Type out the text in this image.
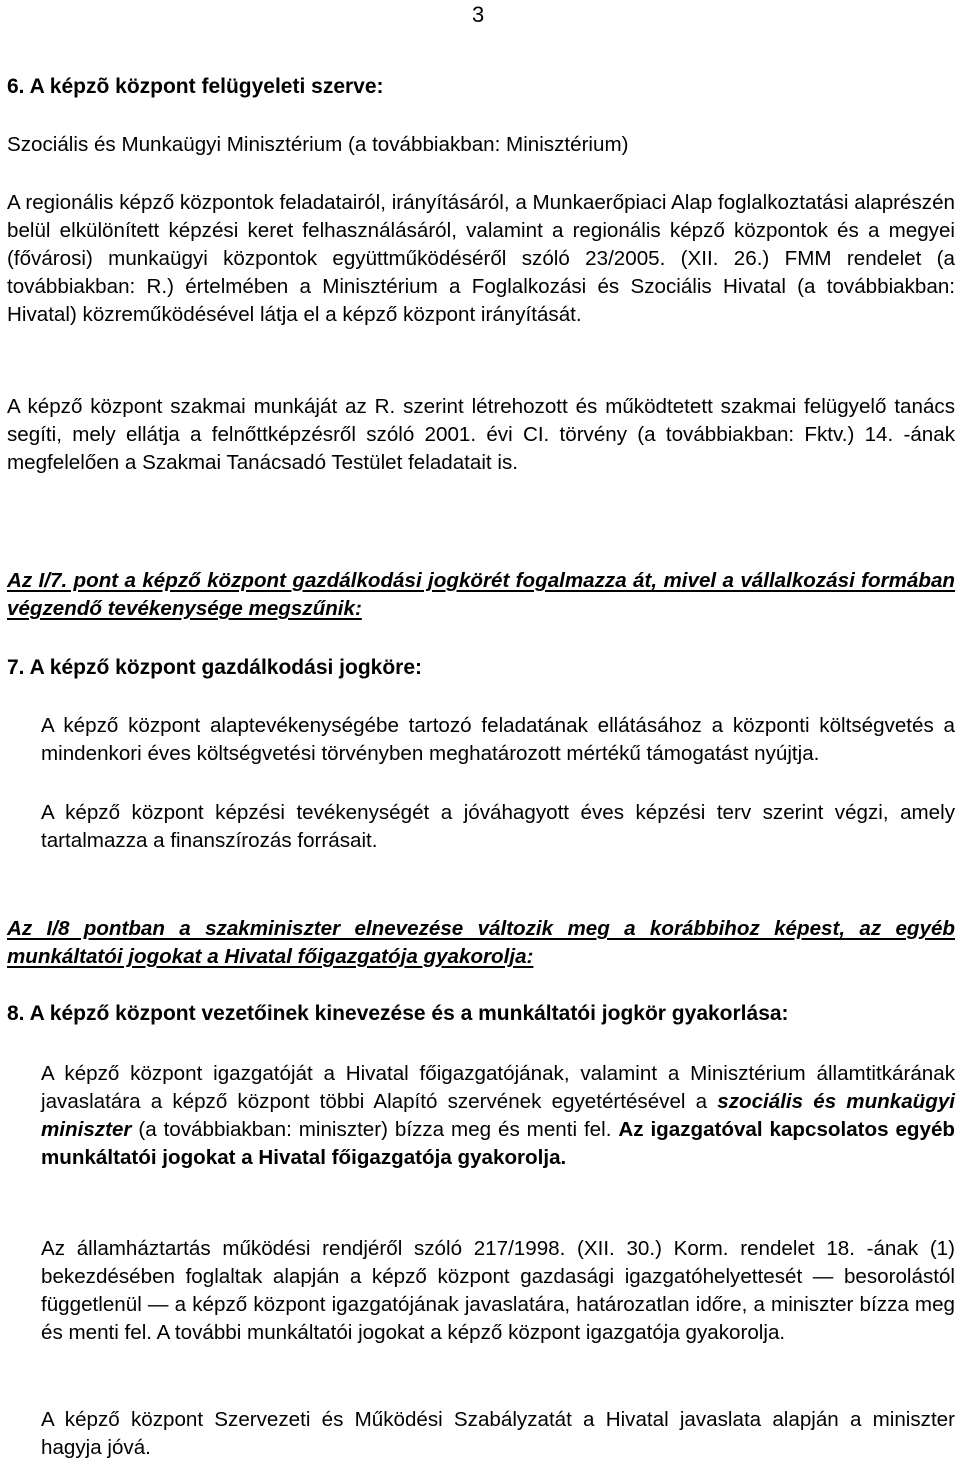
3
6. A képzõ központ felügyeleti szerve:

Szociális és Munkaügyi Minisztérium (a továbbiakban: Minisztérium)

A regionális képző központok feladatairól, irányításáról, a Munkaerőpiaci Alap foglalkoztatási alaprészén belül elkülönített képzési keret felhasználásáról, valamint a regionális képző központok és a megyei (fővárosi) munkaügyi központok együttműködéséről szóló 23/2005. (XII. 26.) FMM rendelet (a továbbiakban: R.) értelmében a Minisztérium a Foglalkozási és Szociális Hivatal (a továbbiakban: Hivatal) közreműködésével látja el a képző központ irányítását.

A képző központ szakmai munkáját az R. szerint létrehozott és működtetett szakmai felügyelő tanács segíti, mely ellátja a felnőttképzésről szóló 2001. évi CI. törvény (a továbbiakban: Fktv.) 14. -ának megfelelően a Szakmai Tanácsadó Testület feladatait is.

Az I/7. pont a képző központ gazdálkodási jogkörét fogalmazza át, mivel a vállalkozási formában végzendő tevékenysége megszűnik:

7. A képző központ gazdálkodási jogköre:

A képző központ alaptevékenységébe tartozó feladatának ellátásához a központi költségvetés a mindenkori éves költségvetési törvényben meghatározott mértékű támogatást nyújtja.

A képző központ képzési tevékenységét a jóváhagyott éves képzési terv szerint végzi, amely tartalmazza a finanszírozás forrásait.

Az I/8 pontban a szakminiszter elnevezése változik meg a korábbihoz képest, az egyéb munkáltatói jogokat a Hivatal főigazgatója gyakorolja:

8. A képző központ vezetőinek kinevezése és a munkáltatói jogkör gyakorlása:

A képző központ igazgatóját a Hivatal főigazgatójának, valamint a Minisztérium államtitkárának javaslatára a képző központ többi Alapító szervének egyetértésével a szociális és munkaügyi miniszter (a továbbiakban: miniszter) bízza meg és menti fel. Az igazgatóval kapcsolatos egyéb munkáltatói jogokat a Hivatal főigazgatója gyakorolja.

Az államháztartás működési rendjéről szóló 217/1998. (XII. 30.) Korm. rendelet 18. -ának (1) bekezdésében foglaltak alapján a képző központ gazdasági igazgatóhelyettesét — besorolástól függetlenül — a képző központ igazgatójának javaslatára, határozatlan időre, a miniszter bízza meg és menti fel. A további munkáltatói jogokat a képző központ igazgatója gyakorolja.

A képző központ Szervezeti és Működési Szabályzatát a Hivatal javaslata alapján a miniszter hagyja jóvá.
